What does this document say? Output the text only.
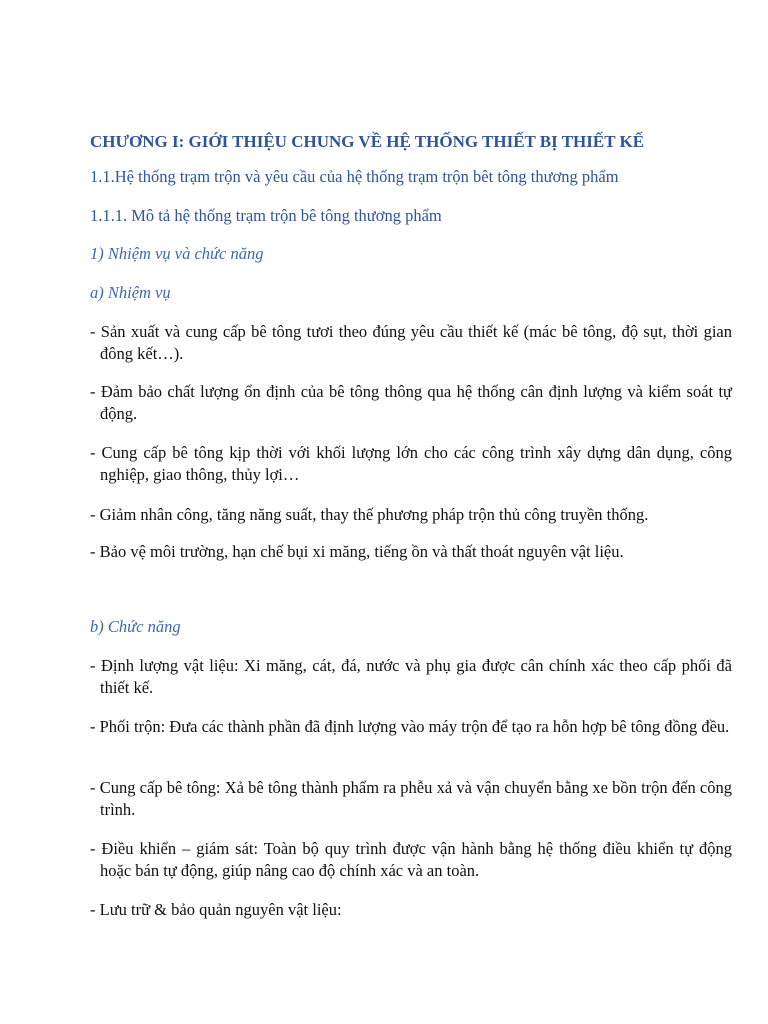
CHƯƠNG I: GIỚI THIỆU CHUNG VỀ HỆ THỐNG THIẾT BỊ THIẾT KẾ

1.1.Hệ thống trạm trộn và yêu cầu của hệ thống trạm trộn bêt tông thương phẩm

1.1.1. Mô tả hệ thống trạm trộn bê tông thương phẩm

1) Nhiệm vụ và chức năng

a) Nhiệm vụ

- Sản xuất và cung cấp bê tông tươi theo đúng yêu cầu thiết kế (mác bê tông, độ sụt, thời gian đông kết…).

- Đảm bảo chất lượng ổn định của bê tông thông qua hệ thống cân định lượng và kiểm soát tự động.

- Cung cấp bê tông kịp thời với khối lượng lớn cho các công trình xây dựng dân dụng, công nghiệp, giao thông, thủy lợi…

- Giảm nhân công, tăng năng suất, thay thế phương pháp trộn thủ công truyền thống.

- Bảo vệ môi trường, hạn chế bụi xi măng, tiếng ồn và thất thoát nguyên vật liệu.

b) Chức năng

- Định lượng vật liệu: Xi măng, cát, đá, nước và phụ gia được cân chính xác theo cấp phối đã thiết kế.

- Phối trộn: Đưa các thành phần đã định lượng vào máy trộn để tạo ra hỗn hợp bê tông đồng đều.

- Cung cấp bê tông: Xả bê tông thành phẩm ra phễu xả và vận chuyển bằng xe bồn trộn đến công trình.

- Điều khiển – giám sát: Toàn bộ quy trình được vận hành bằng hệ thống điều khiển tự động hoặc bán tự động, giúp nâng cao độ chính xác và an toàn.

- Lưu trữ & bảo quản nguyên vật liệu:
